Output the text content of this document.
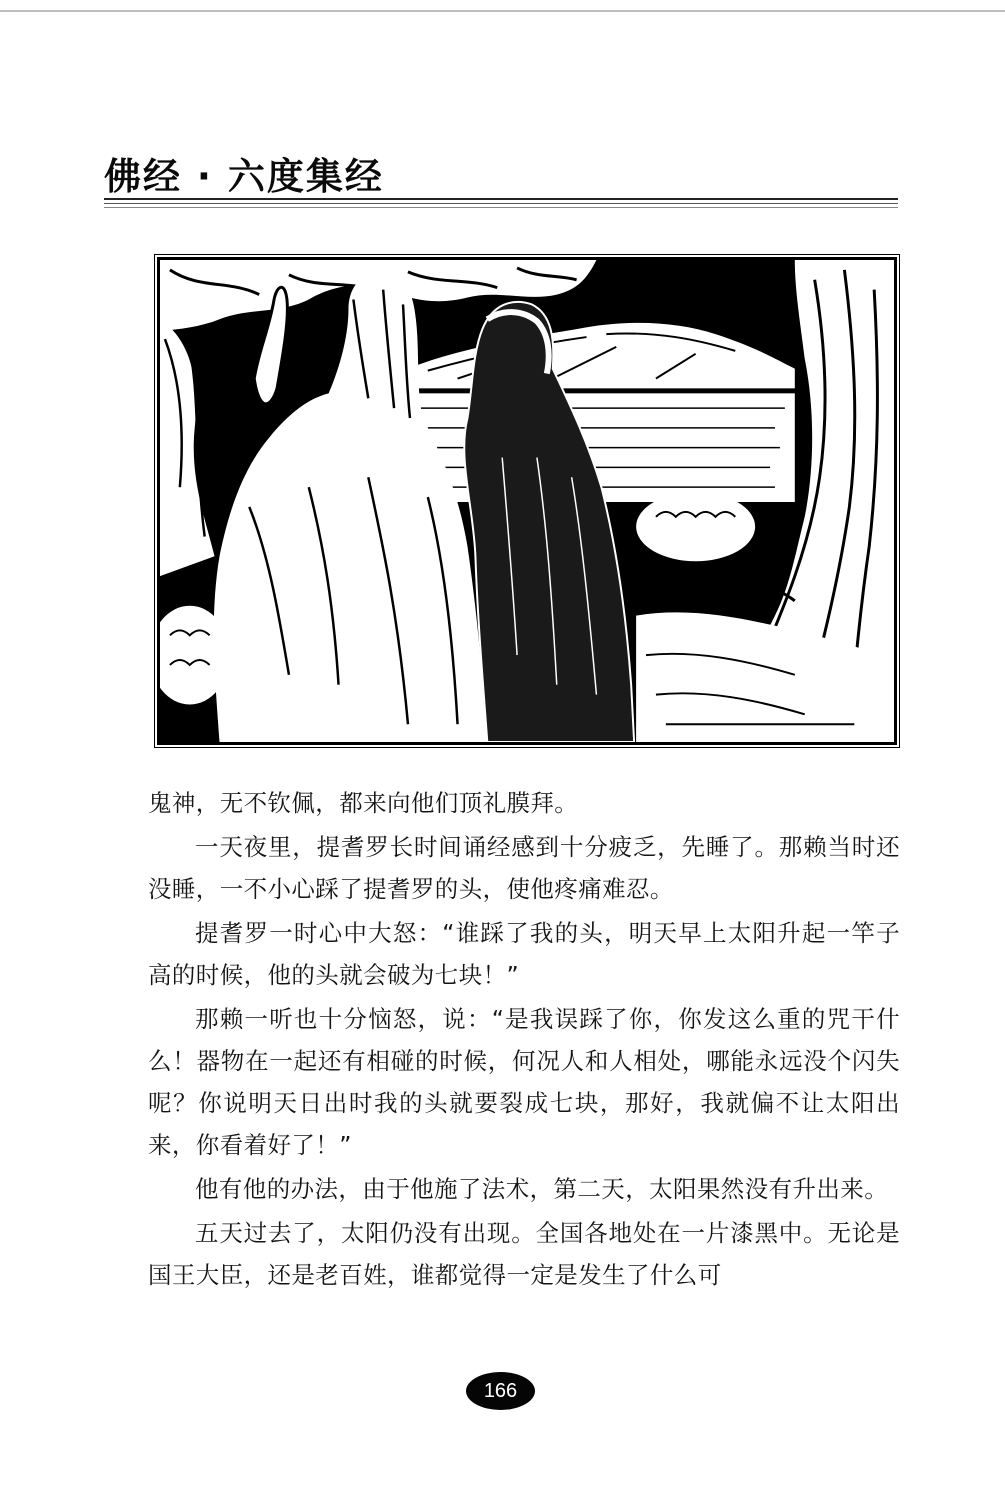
佛经 · 六度集经

鬼神，无不钦佩，都来向他们顶礼膜拜。

一天夜里，提耆罗长时间诵经感到十分疲乏，先睡了。那赖当时还没睡，一不小心踩了提耆罗的头，使他疼痛难忍。

提耆罗一时心中大怒：“谁踩了我的头，明天早上太阳升起一竿子高的时候，他的头就会破为七块！”

那赖一听也十分恼怒，说：“是我误踩了你，你发这么重的咒干什么！器物在一起还有相碰的时候，何况人和人相处，哪能永远没个闪失呢？你说明天日出时我的头就要裂成七块，那好，我就偏不让太阳出来，你看着好了！”

他有他的办法，由于他施了法术，第二天，太阳果然没有升出来。

五天过去了，太阳仍没有出现。全国各地处在一片漆黑中。无论是国王大臣，还是老百姓，谁都觉得一定是发生了什么可

166
